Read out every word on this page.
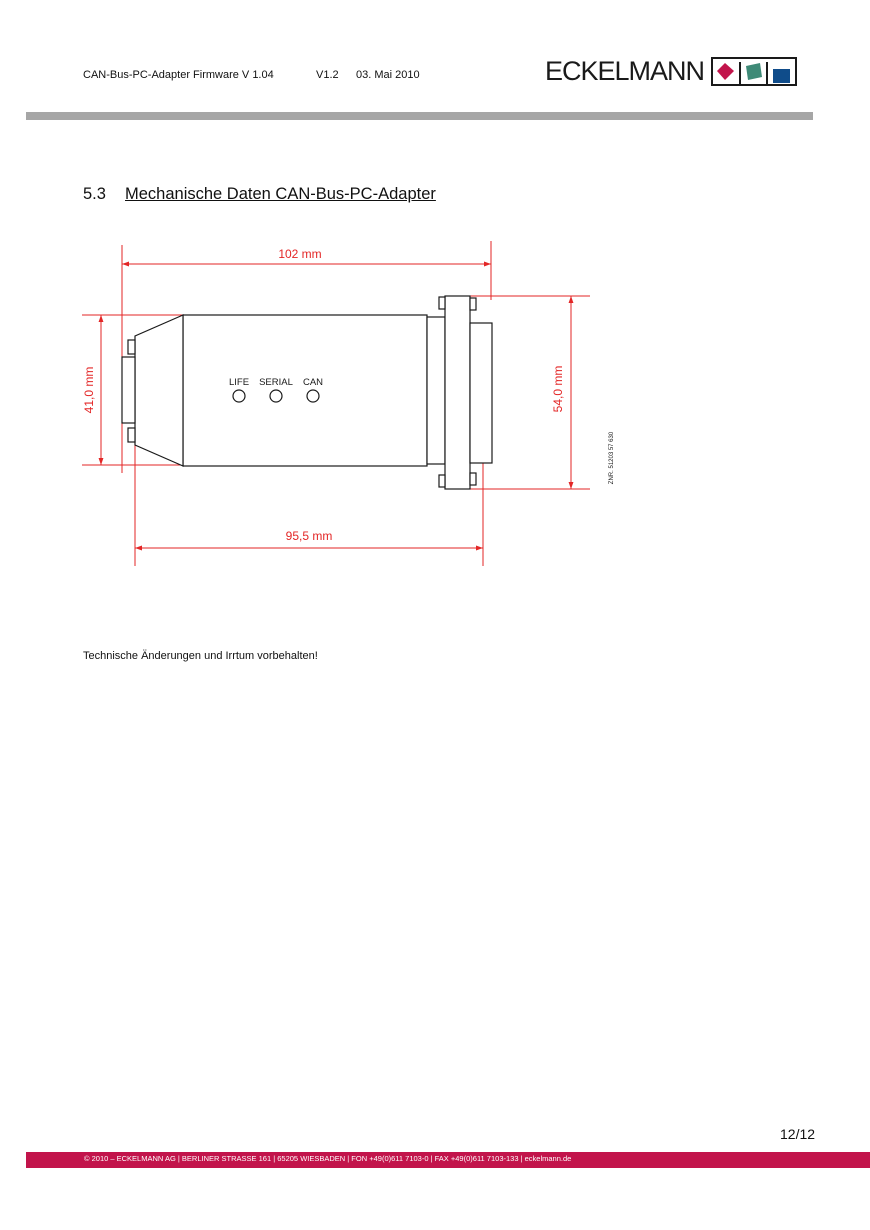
CAN-Bus-PC-Adapter Firmware V 1.04	V1.2 03. Mai 2010	ECKELMANN
5.3 Mechanische Daten CAN-Bus-PC-Adapter
LIFE SERIAL CAN
102 mm
95,5 mm
41,0 mm	54,0 mm
ZNR. 51203 57 630
Technische Änderungen und Irrtum vorbehalten!
12/12
© 2010 – ECKELMANN AG | BERLINER STRASSE 161 | 65205 WIESBADEN | FON +49(0)611 7103-0 | FAX +49(0)611 7103-133 | eckelmann.de
